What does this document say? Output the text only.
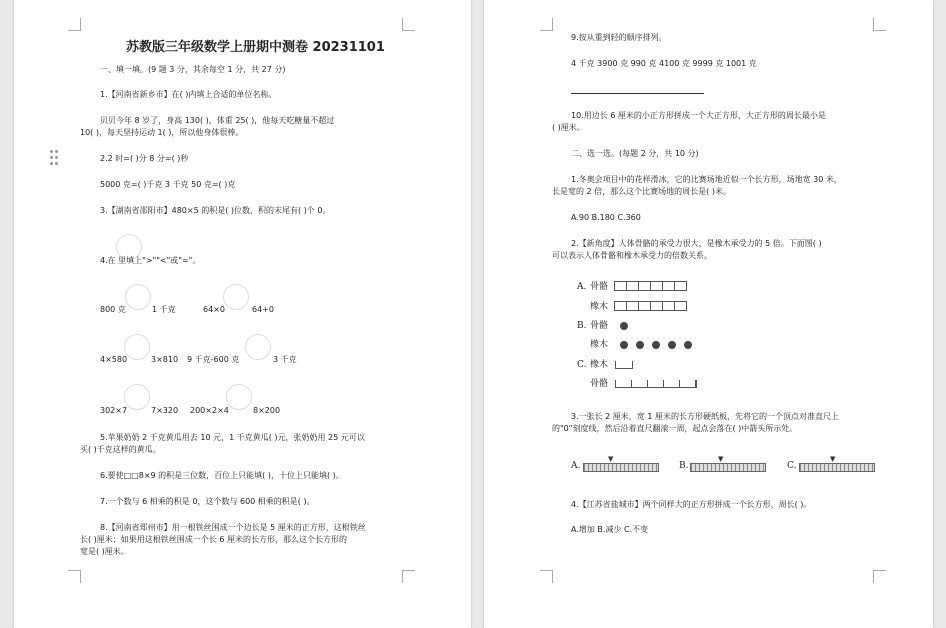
苏教版三年级数学上册期中测卷 20231101
一、填一填。(9 题 3 分，其余每空 1 分，共 27 分)
1.【河南省新乡市】在( )内填上合适的单位名称。
贝贝今年 8 岁了，身高 130( )，体重 25( )，他每天吃糖量不超过
10( )，每天坚持运动 1( )，所以他身体很棒。
2.2 时=( )分 8 分=( )秒
5000 克=( )千克 3 千克 50 克=( )克
3.【湖南省邵阳市】480×5 的积是( )位数，积的末尾有( )个 0。
4.在 里填上">""<"或"="。
800 克	1 千克	64×0	64+0
4×580	3×810 9 千克-600 克	3 千克
302×7	7×320 200×2×4	8×200
5.苹果奶奶 2 千克黄瓜用去 10 元，1 千克黄瓜( )元，张奶奶用 25 元可以
买( )千克这样的黄瓜。
6.要使□□8×9 的积是三位数，百位上只能填( )，十位上只能填( )。
7.一个数与 6 相乘的积是 0，这个数与 600 相乘的积是( )。
8.【河南省郑州市】用一根铁丝围成一个边长是 5 厘米的正方形，这根铁丝
长( )厘米；如果用这根铁丝围成一个长 6 厘米的长方形，那么这个长方形的
宽是( )厘米。
9.按从重到轻的顺序排列。
4 千克 3900 克 990 克 4100 克 9999 克 1001 克
10.用边长 6 厘米的小正方形拼成一个大正方形，大正方形的周长最小是
( )厘米。
二、选一选。(每题 2 分，共 10 分)
1.冬奥会项目中的花样滑冰，它的比赛场地近似一个长方形，场地宽 30 米，
长是宽的 2 倍，那么这个比赛场地的周长是( )米。
A.90 B.180 C.360
2.【新角度】人体骨骼的承受力很大，是橡木承受力的 5 倍。下面图( )
可以表示人体骨骼和橡木承受力的倍数关系。
A. 骨骼
橡木
B. 骨骼
橡木
C. 橡木
骨骼
3.一张长 2 厘米，宽 1 厘米的长方形硬纸板，先将它的一个顶点对准直尺上
的"0"刻度线，然后沿着直尺翻滚一周，起点会落在( )中箭头所示处。
A.
▼
B.
▼
C.
▼
4.【江苏省盐城市】两个同样大的正方形拼成一个长方形，周长( )。
A.增加 B.减少 C.不变
